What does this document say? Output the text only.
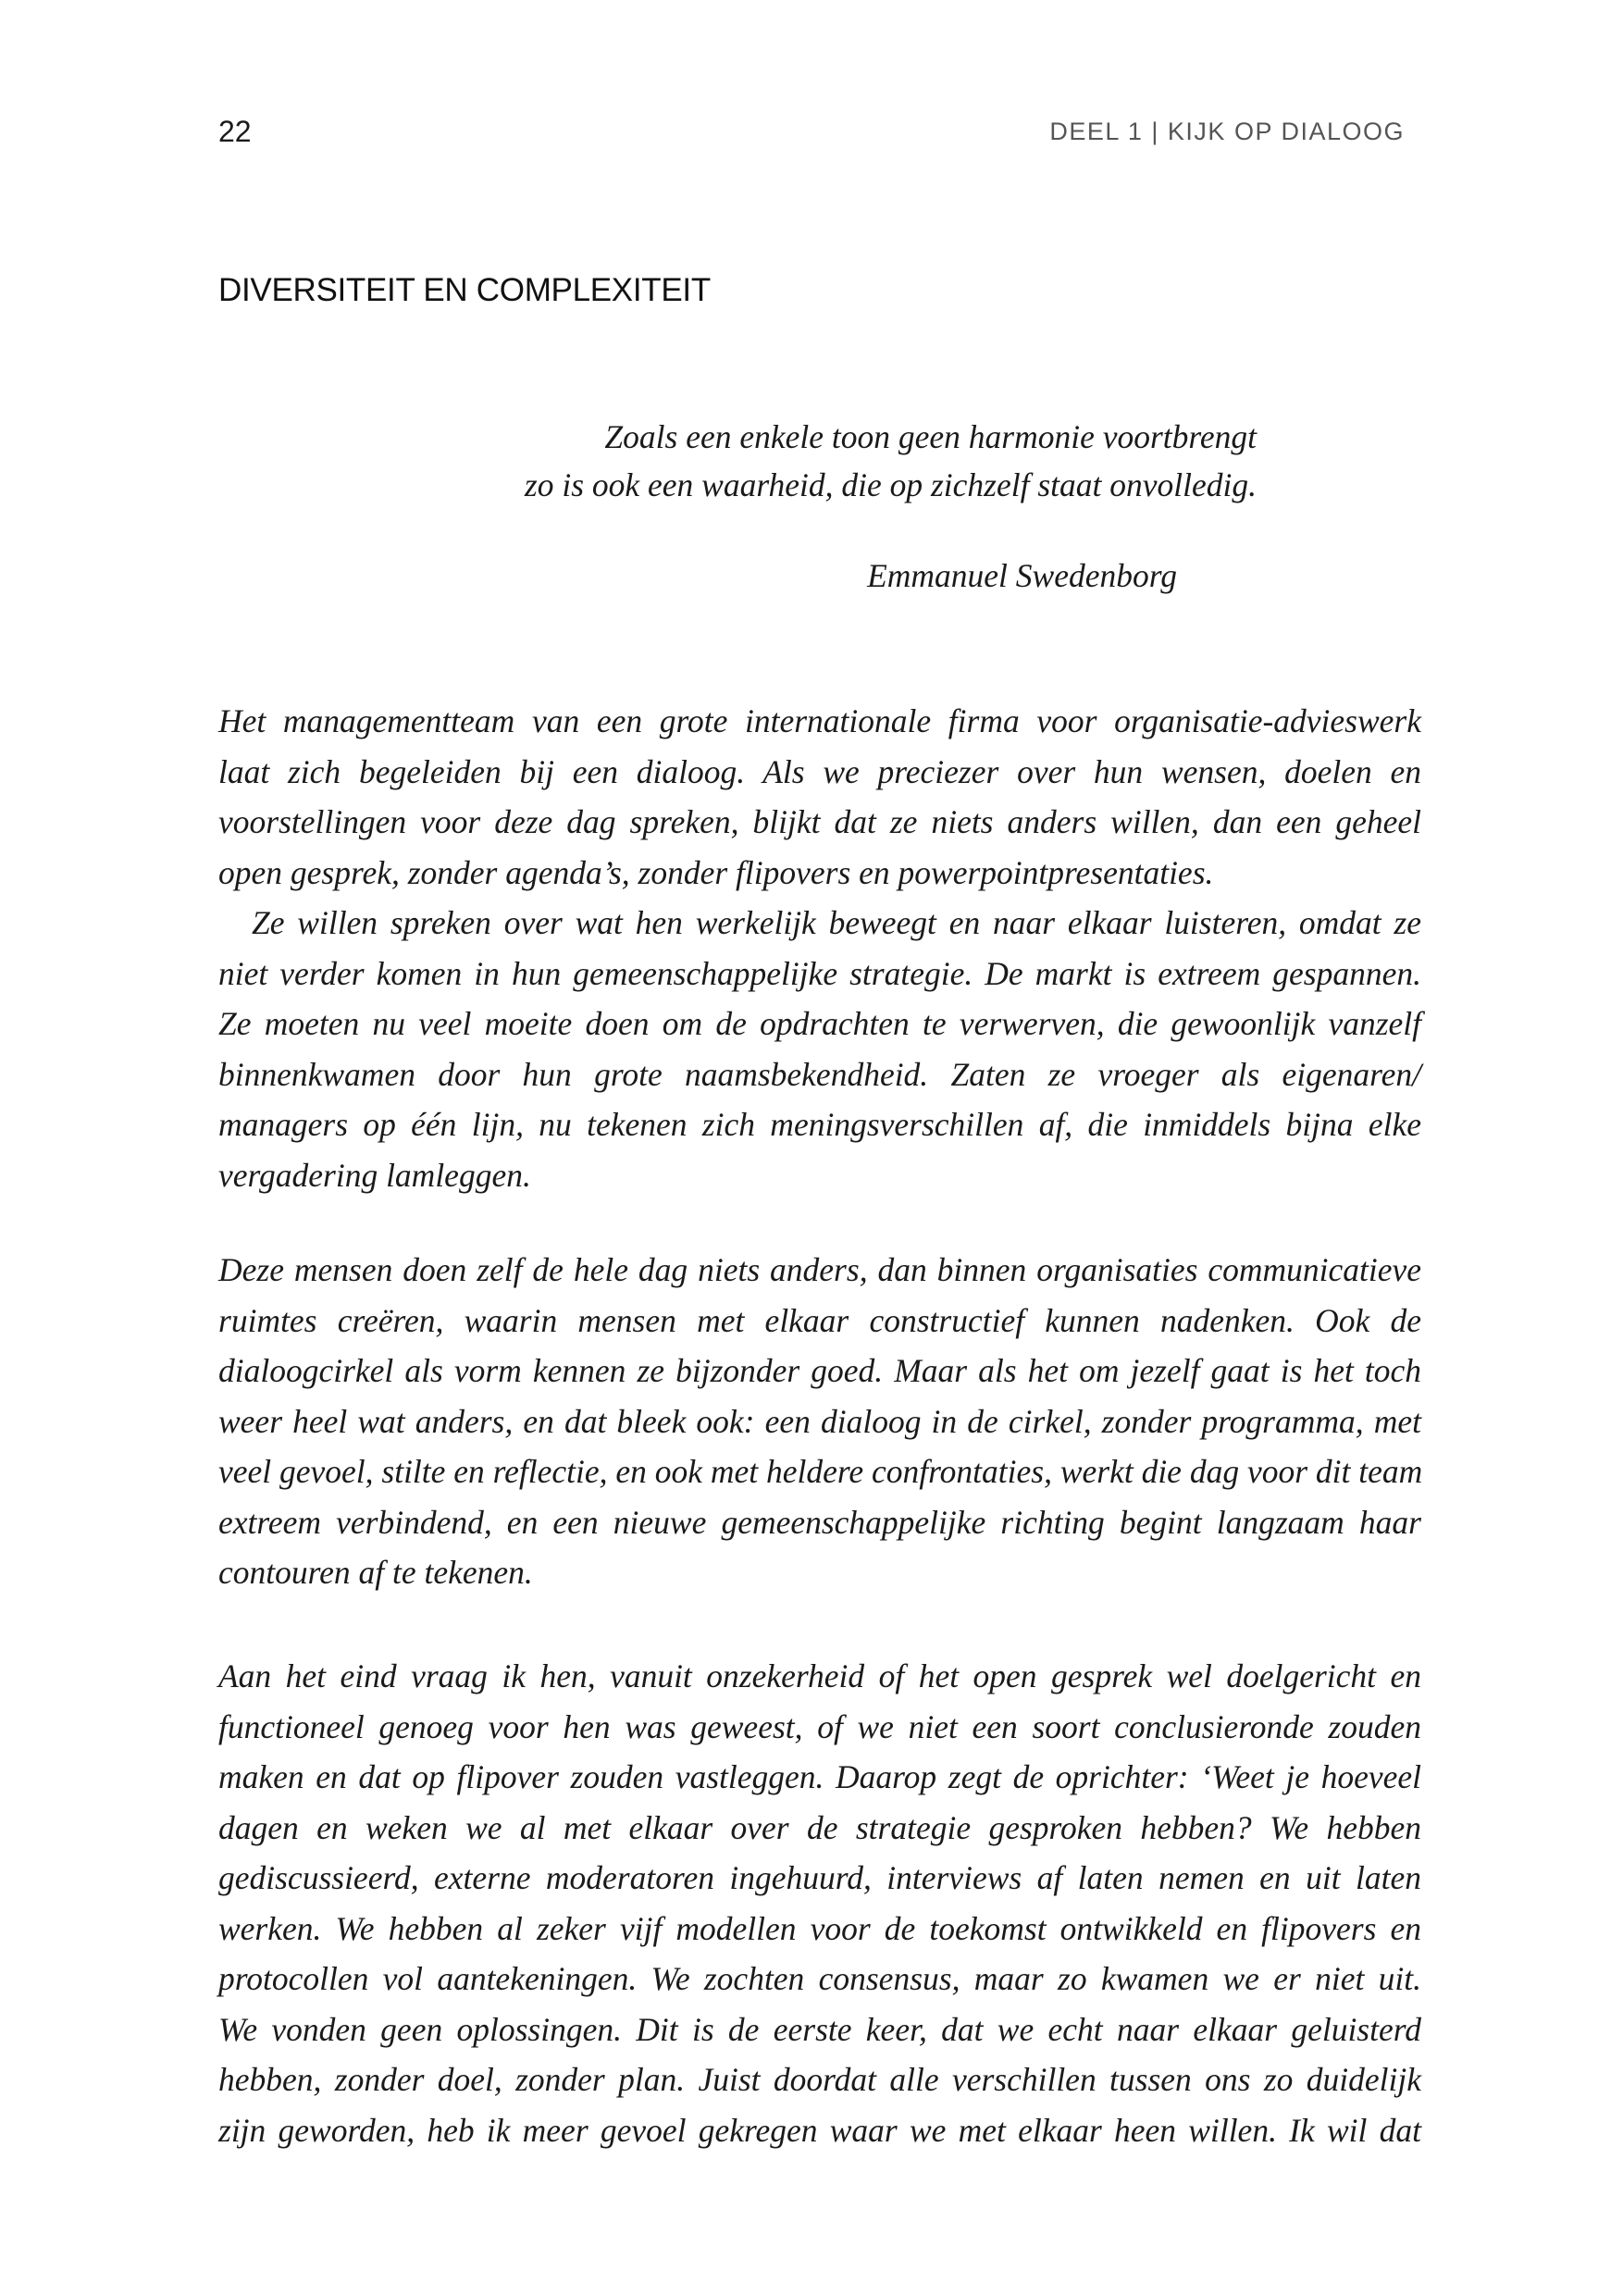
22	DEEL 1 | KIJK OP DIALOOG
DIVERSITEIT EN COMPLEXITEIT
Zoals een enkele toon geen harmonie voortbrengt
zo is ook een waarheid, die op zichzelf staat onvolledig.
Emmanuel Swedenborg
Het managementteam van een grote internationale firma voor organisatie-advieswerk
laat zich begeleiden bij een dialoog. Als we preciezer over hun wensen, doelen en
voorstellingen voor deze dag spreken, blijkt dat ze niets anders willen, dan een geheel
open gesprek, zonder agenda’s, zonder flipovers en powerpointpresentaties.
Ze willen spreken over wat hen werkelijk beweegt en naar elkaar luisteren, omdat ze
niet verder komen in hun gemeenschappelijke strategie. De markt is extreem gespannen.
Ze moeten nu veel moeite doen om de opdrachten te verwerven, die gewoonlijk vanzelf
binnenkwamen door hun grote naamsbekendheid. Zaten ze vroeger als eigenaren/
managers op één lijn, nu tekenen zich meningsverschillen af, die inmiddels bijna elke
vergadering lamleggen.
Deze mensen doen zelf de hele dag niets anders, dan binnen organisaties communicatieve
ruimtes creëren, waarin mensen met elkaar constructief kunnen nadenken. Ook de
dialoogcirkel als vorm kennen ze bijzonder goed. Maar als het om jezelf gaat is het toch
weer heel wat anders, en dat bleek ook: een dialoog in de cirkel, zonder programma, met
veel gevoel, stilte en reflectie, en ook met heldere confrontaties, werkt die dag voor dit team
extreem verbindend, en een nieuwe gemeenschappelijke richting begint langzaam haar
contouren af te tekenen.
Aan het eind vraag ik hen, vanuit onzekerheid of het open gesprek wel doelgericht en
functioneel genoeg voor hen was geweest, of we niet een soort conclusieronde zouden
maken en dat op flipover zouden vastleggen. Daarop zegt de oprichter: ‘Weet je hoeveel
dagen en weken we al met elkaar over de strategie gesproken hebben? We hebben
gediscussieerd, externe moderatoren ingehuurd, interviews af laten nemen en uit laten
werken. We hebben al zeker vijf modellen voor de toekomst ontwikkeld en flipovers en
protocollen vol aantekeningen. We zochten consensus, maar zo kwamen we er niet uit.
We vonden geen oplossingen. Dit is de eerste keer, dat we echt naar elkaar geluisterd
hebben, zonder doel, zonder plan. Juist doordat alle verschillen tussen ons zo duidelijk
zijn geworden, heb ik meer gevoel gekregen waar we met elkaar heen willen. Ik wil dat
